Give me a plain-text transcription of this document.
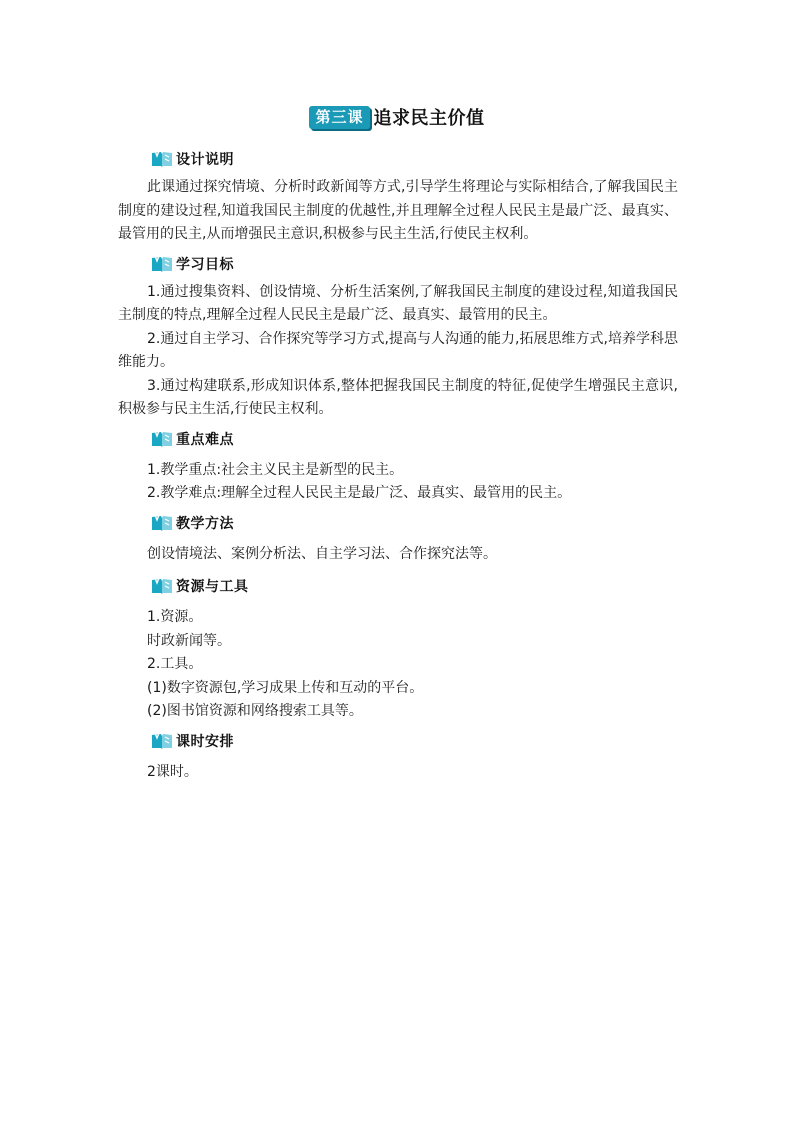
第三课 追求民主价值
设计说明

此课通过探究情境、分析时政新闻等方式,引导学生将理论与实际相结合,了解我国民主制度的建设过程,知道我国民主制度的优越性,并且理解全过程人民民主是最广泛、最真实、最管用的民主,从而增强民主意识,积极参与民主生活,行使民主权利。

学习目标

1.通过搜集资料、创设情境、分析生活案例,了解我国民主制度的建设过程,知道我国民主制度的特点,理解全过程人民民主是最广泛、最真实、最管用的民主。

2.通过自主学习、合作探究等学习方式,提高与人沟通的能力,拓展思维方式,培养学科思维能力。

3.通过构建联系,形成知识体系,整体把握我国民主制度的特征,促使学生增强民主意识,积极参与民主生活,行使民主权利。

重点难点

1.教学重点:社会主义民主是新型的民主。

2.教学难点:理解全过程人民民主是最广泛、最真实、最管用的民主。

教学方法

创设情境法、案例分析法、自主学习法、合作探究法等。

资源与工具

1.资源。

时政新闻等。

2.工具。

(1)数字资源包,学习成果上传和互动的平台。

(2)图书馆资源和网络搜索工具等。

课时安排

2课时。
